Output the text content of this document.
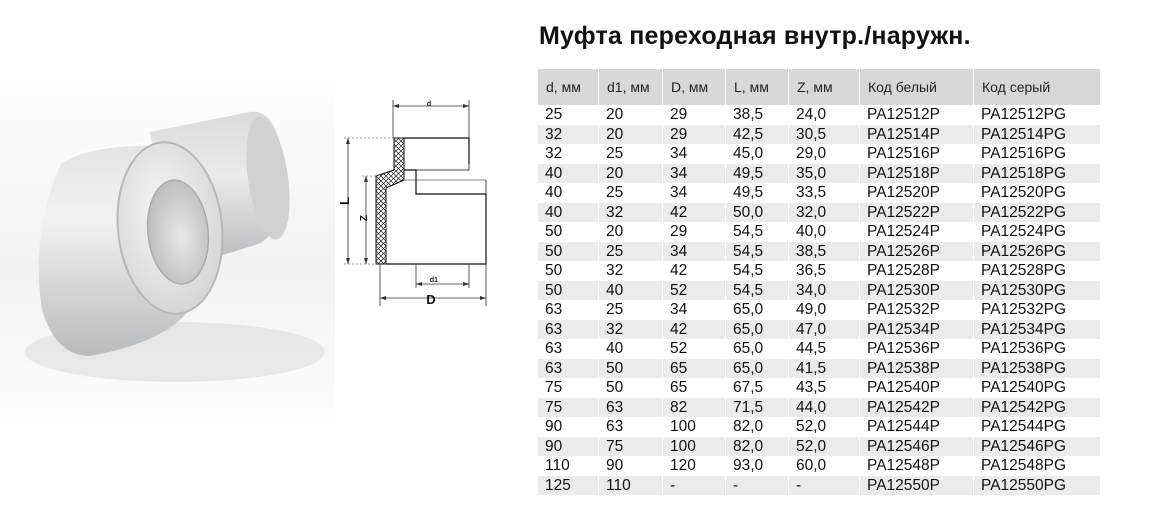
d
L
Z
d1
D
Муфта переходная внутр./наружн.
d, мм	d1, мм	D, мм	L, мм	Z, мм	Код белый	Код серый
25	20	29	38,5	24,0	PA12512P	PA12512PG
32	20	29	42,5	30,5	PA12514P	PA12514PG
32	25	34	45,0	29,0	PA12516P	PA12516PG
40	20	34	49,5	35,0	PA12518P	PA12518PG
40	25	34	49,5	33,5	PA12520P	PA12520PG
40	32	42	50,0	32,0	PA12522P	PA12522PG
50	20	29	54,5	40,0	PA12524P	PA12524PG
50	25	34	54,5	38,5	PA12526P	PA12526PG
50	32	42	54,5	36,5	PA12528P	PA12528PG
50	40	52	54,5	34,0	PA12530P	PA12530PG
63	25	34	65,0	49,0	PA12532P	PA12532PG
63	32	42	65,0	47,0	PA12534P	PA12534PG
63	40	52	65,0	44,5	PA12536P	PA12536PG
63	50	65	65,0	41,5	PA12538P	PA12538PG
75	50	65	67,5	43,5	PA12540P	PA12540PG
75	63	82	71,5	44,0	PA12542P	PA12542PG
90	63	100	82,0	52,0	PA12544P	PA12544PG
90	75	100	82,0	52,0	PA12546P	PA12546PG
110	90	120	93,0	60,0	PA12548P	PA12548PG
125	110	-	-	-	PA12550P	PA12550PG
